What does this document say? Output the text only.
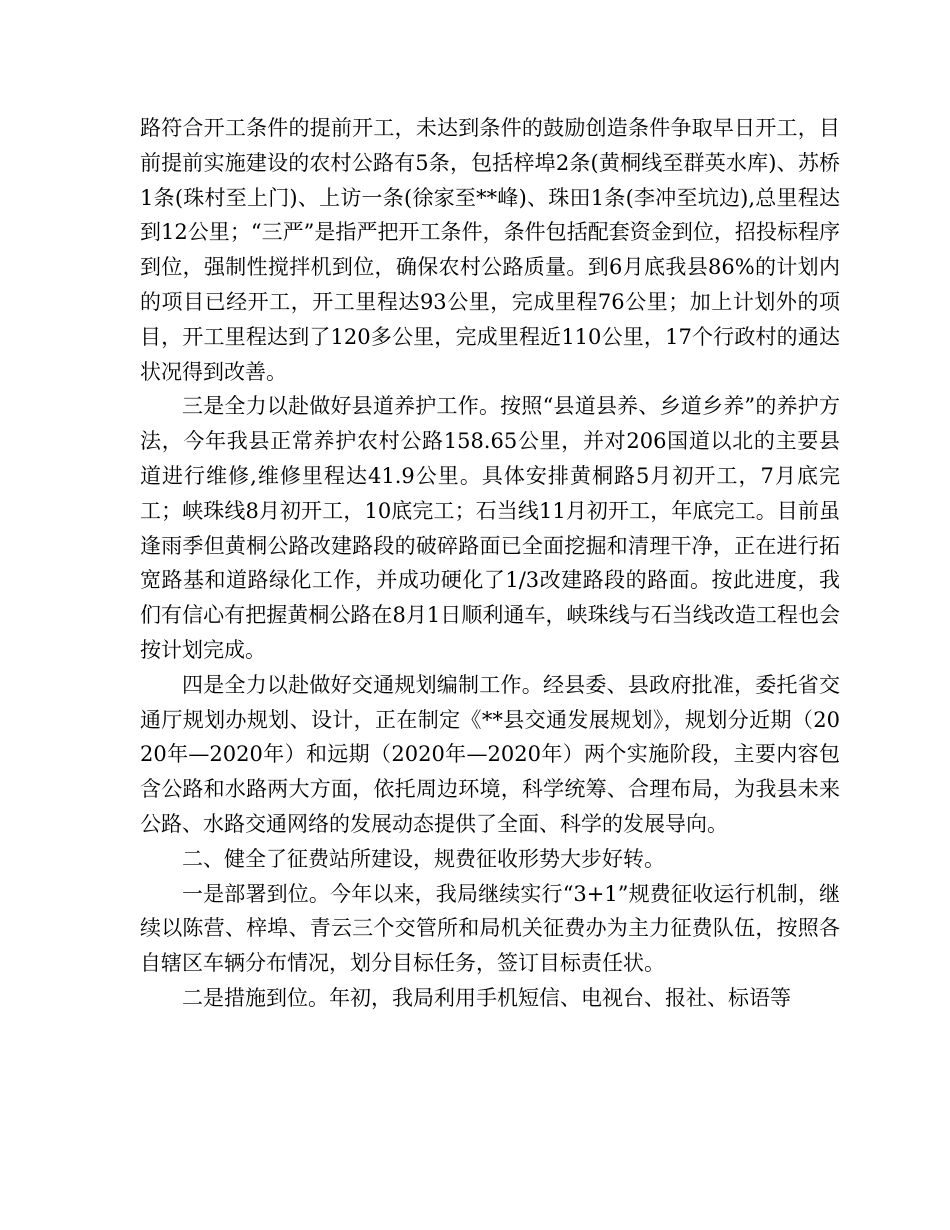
路符合开工条件的提前开工，未达到条件的鼓励创造条件争取早日开工，目前提前实施建设的农村公路有5条，包括梓埠2条(黄桐线至群英水库)、苏桥1条(珠村至上门)、上访一条(徐家至**峰)、珠田1条(李冲至坑边),总里程达到12公里；“三严”是指严把开工条件，条件包括配套资金到位，招投标程序到位，强制性搅拌机到位，确保农村公路质量。到6月底我县86%的计划内的项目已经开工，开工里程达93公里，完成里程76公里；加上计划外的项目，开工里程达到了120多公里，完成里程近110公里，17个行政村的通达状况得到改善。

三是全力以赴做好县道养护工作。按照“县道县养、乡道乡养”的养护方法，今年我县正常养护农村公路158.65公里，并对206国道以北的主要县道进行维修,维修里程达41.9公里。具体安排黄桐路5月初开工，7月底完工；峡珠线8月初开工，10底完工；石当线11月初开工，年底完工。目前虽逢雨季但黄桐公路改建路段的破碎路面已全面挖掘和清理干净，正在进行拓宽路基和道路绿化工作，并成功硬化了1/3改建路段的路面。按此进度，我们有信心有把握黄桐公路在8月1日顺利通车，峡珠线与石当线改造工程也会按计划完成。

四是全力以赴做好交通规划编制工作。经县委、县政府批准，委托省交通厅规划办规划、设计，正在制定《**县交通发展规划》，规划分近期（2020年—2020年）和远期（2020年—2020年）两个实施阶段，主要内容包含公路和水路两大方面，依托周边环境，科学统筹、合理布局，为我县未来公路、水路交通网络的发展动态提供了全面、科学的发展导向。

二、健全了征费站所建设，规费征收形势大步好转。

一是部署到位。今年以来，我局继续实行“3+1”规费征收运行机制，继续以陈营、梓埠、青云三个交管所和局机关征费办为主力征费队伍，按照各自辖区车辆分布情况，划分目标任务，签订目标责任状。

二是措施到位。年初，我局利用手机短信、电视台、报社、标语等
